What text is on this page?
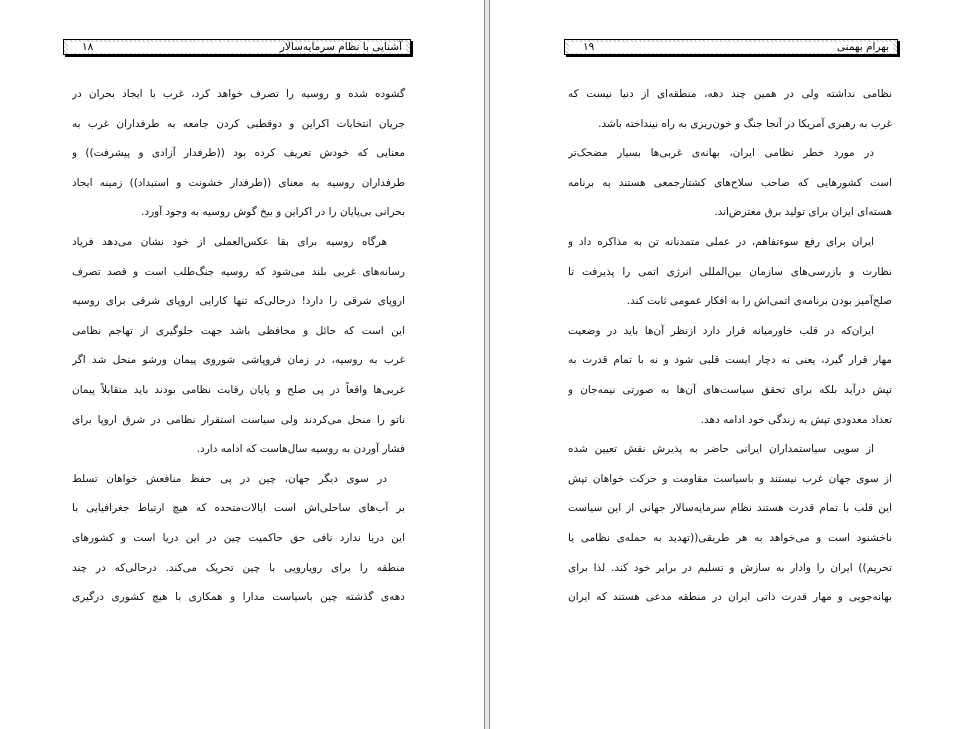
آشنایی با نظام سرمایه‌سالار
۱۸
گشوده شده و روسیه را تصرف خواهد کرد، غرب با ایجاد بحران در
جریان انتخابات اکراین و دوقطبی کردن جامعه به طرفداران غرب به
معنایی که خودش تعریف کرده بود ((طرفدار آزادی و پیشرفت)) و
طرفداران روسیه به معنای ((طرفدار خشونت و استبداد)) زمینه ایجاد
بحرانی بی‌پایان را در اکراین و بیخ گوش روسیه به وجود آورد.
هرگاه روسیه برای بقا عکس‌العملی از خود نشان می‌دهد فریاد
رسانه‌های غربی بلند می‌شود که روسیه جنگ‌طلب است و قصد تصرف
اروپای شرقی را دارد! درحالی‌که تنها کارایی اروپای شرقی برای روسیه
این است که حائل و محافظی باشد جهت جلوگیری از تهاجم نظامی
غرب به روسیه، در زمان فروپاشی شوروی پیمان ورشو منحل شد اگر
غربی‌ها واقعاً در پی صلح و پایان رقابت نظامی بودند باید متقابلاً پیمان
ناتو را منحل می‌کردند ولی سیاست استقرار نظامی در شرق اروپا برای
فشار آوردن به روسیه سال‌هاست که ادامه دارد.
در سوی دیگر جهان، چین در پی حفظ منافعش خواهان تسلط
بر آب‌های ساحلی‌اش است ایالات‌متحده که هیچ ارتباط جغرافیایی با
این دریا ندارد نافی حق حاکمیت چین در این دریا است و کشورهای
منطقه را برای رویارویی با چین تحریک می‌کند. درحالی‌که در چند
دهه‌ی گذشته چین باسیاست مدارا و همکاری با هیچ کشوری درگیری
بهرام بهمنی
۱۹
نظامی نداشته ولی در همین چند دهه، منطقه‌ای از دنیا نیست که
غرب به رهبری آمریکا در آنجا جنگ و خون‌ریزی به راه نینداخته باشد.
در مورد خطر نظامی ایران، بهانه‌ی غربی‌ها بسیار مضحک‌تر
است کشورهایی که صاحب سلاح‌های کشتارجمعی هستند به برنامه
هسته‌ای ایران برای تولید برق معترض‌اند.
ایران برای رفع سوءتفاهم، در عملی متمدنانه تن به مذاکره داد و
نظارت و بازرسی‌های سازمان بین‌المللی انرژی اتمی را پذیرفت تا
صلح‌آمیز بودن برنامه‌ی اتمی‌اش را به افکار عمومی ثابت کند.
ایران‌که در قلب خاورمیانه قرار دارد ازنظر آن‌ها باید در وضعیت
مهار قرار گیرد، یعنی نه دچار ایست قلبی شود و نه با تمام قدرت به
تپش درآید بلکه برای تحقق سیاست‌های آن‌ها به صورتی نیمه‌جان و
تعداد معدودی تپش به زندگی خود ادامه دهد.
از سویی سیاستمداران ایرانی حاضر به پذیرش نقش تعیین شده
از سوی جهان غرب نیستند و باسیاست مقاومت و حرکت خواهان تپش
این قلب با تمام قدرت هستند نظام سرمایه‌سالار جهانی از این سیاست
ناخشنود است و می‌خواهد به هر طریقی((تهدید به حمله‌ی نظامی یا
تحریم)) ایران را وادار به سازش و تسلیم در برابر خود کند. لذا برای
بهانه‌جویی و مهار قدرت ذاتی ایران در منطقه مدعی هستند که ایران
